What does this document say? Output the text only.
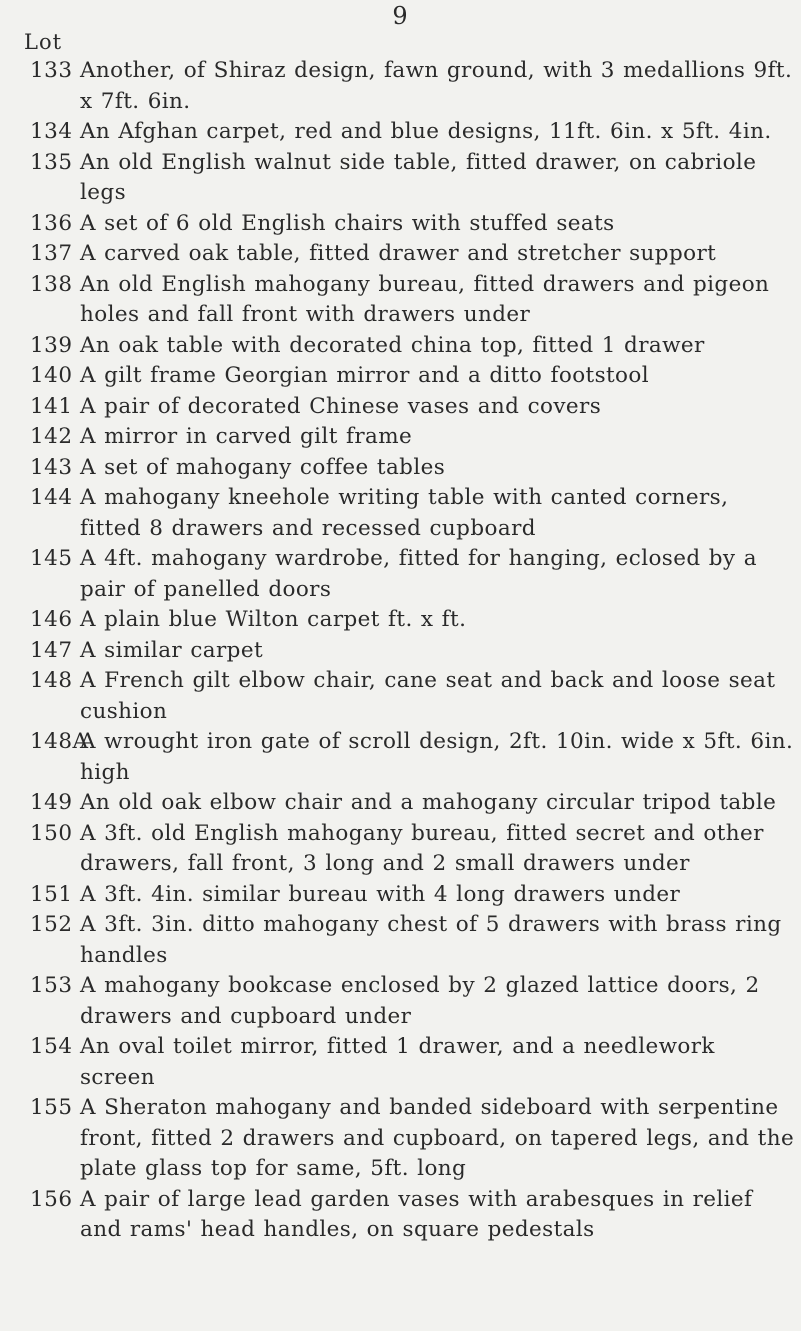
9
Lot
133 Another, of Shiraz design, fawn ground, with 3 medallions 9ft. x 7ft. 6in.
134 An Afghan carpet, red and blue designs, 11ft. 6in. x 5ft. 4in.
135 An old English walnut side table, fitted drawer, on cabriole legs
136 A set of 6 old English chairs with stuffed seats
137 A carved oak table, fitted drawer and stretcher support
138 An old English mahogany bureau, fitted drawers and pigeon holes and fall front with drawers under
139 An oak table with decorated china top, fitted 1 drawer
140 A gilt frame Georgian mirror and a ditto footstool
141 A pair of decorated Chinese vases and covers
142 A mirror in carved gilt frame
143 A set of mahogany coffee tables
144 A mahogany kneehole writing table with canted corners, fitted 8 drawers and recessed cupboard
145 A 4ft. mahogany wardrobe, fitted for hanging, eclosed by a pair of panelled doors
146 A plain blue Wilton carpet ft. x ft.
147 A similar carpet
148 A French gilt elbow chair, cane seat and back and loose seat cushion
148A
A wrought iron gate of scroll design, 2ft. 10in. wide x 5ft. 6in. high
149 An old oak elbow chair and a mahogany circular tripod table
150 A 3ft. old English mahogany bureau, fitted secret and other drawers, fall front, 3 long and 2 small drawers under
151 A 3ft. 4in. similar bureau with 4 long drawers under
152 A 3ft. 3in. ditto mahogany chest of 5 drawers with brass ring handles
153 A mahogany bookcase enclosed by 2 glazed lattice doors, 2 drawers and cupboard under
154 An oval toilet mirror, fitted 1 drawer, and a needlework screen
155 A Sheraton mahogany and banded sideboard with serpentine front, fitted 2 drawers and cupboard, on tapered legs, and the plate glass top for same, 5ft. long
156 A pair of large lead garden vases with arabesques in relief and rams' head handles, on square pedestals
